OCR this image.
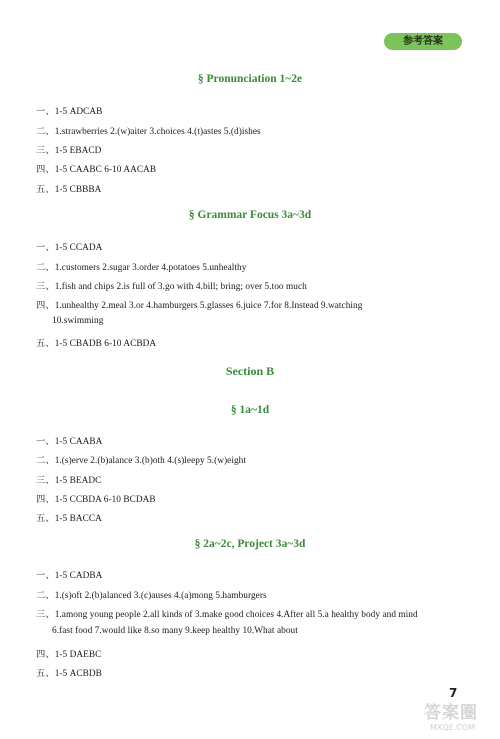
参考答案
§ Pronunciation 1~2e
一、1-5 ADCAB
二、1.strawberries 2.(w)aiter 3.choices 4.(t)astes 5.(d)ishes
三、1-5 EBACD
四、1-5 CAABC 6-10 AACAB
五、1-5 CBBBA
§ Grammar Focus 3a~3d
一、1-5 CCADA
二、1.customers 2.sugar 3.order 4.potatoes 5.unhealthy
三、1.fish and chips 2.is full of 3.go with 4.bill; bring; over 5.too much
四、1.unhealthy 2.meal 3.or 4.hamburgers 5.glasses 6.juice 7.for 8.Instead 9.watching
10.swimming
五、1-5 CBADB 6-10 ACBDA
Section B
§ 1a~1d
一、1-5 CAABA
二、1.(s)erve 2.(b)alance 3.(b)oth 4.(s)leepy 5.(w)eight
三、1-5 BEADC
四、1-5 CCBDA 6-10 BCDAB
五、1-5 BACCA
§ 2a~2c, Project 3a~3d
一、1-5 CADBA
二、1.(s)oft 2.(b)alanced 3.(c)auses 4.(a)mong 5.hamburgers
三、1.among young people 2.all kinds of 3.make good choices 4.After all 5.a healthy body and mind
6.fast food 7.would like 8.so many 9.keep healthy 10.What about
四、1-5 DAEBC
五、1-5 ACBDB
7
答案圈
MXQE.COM
